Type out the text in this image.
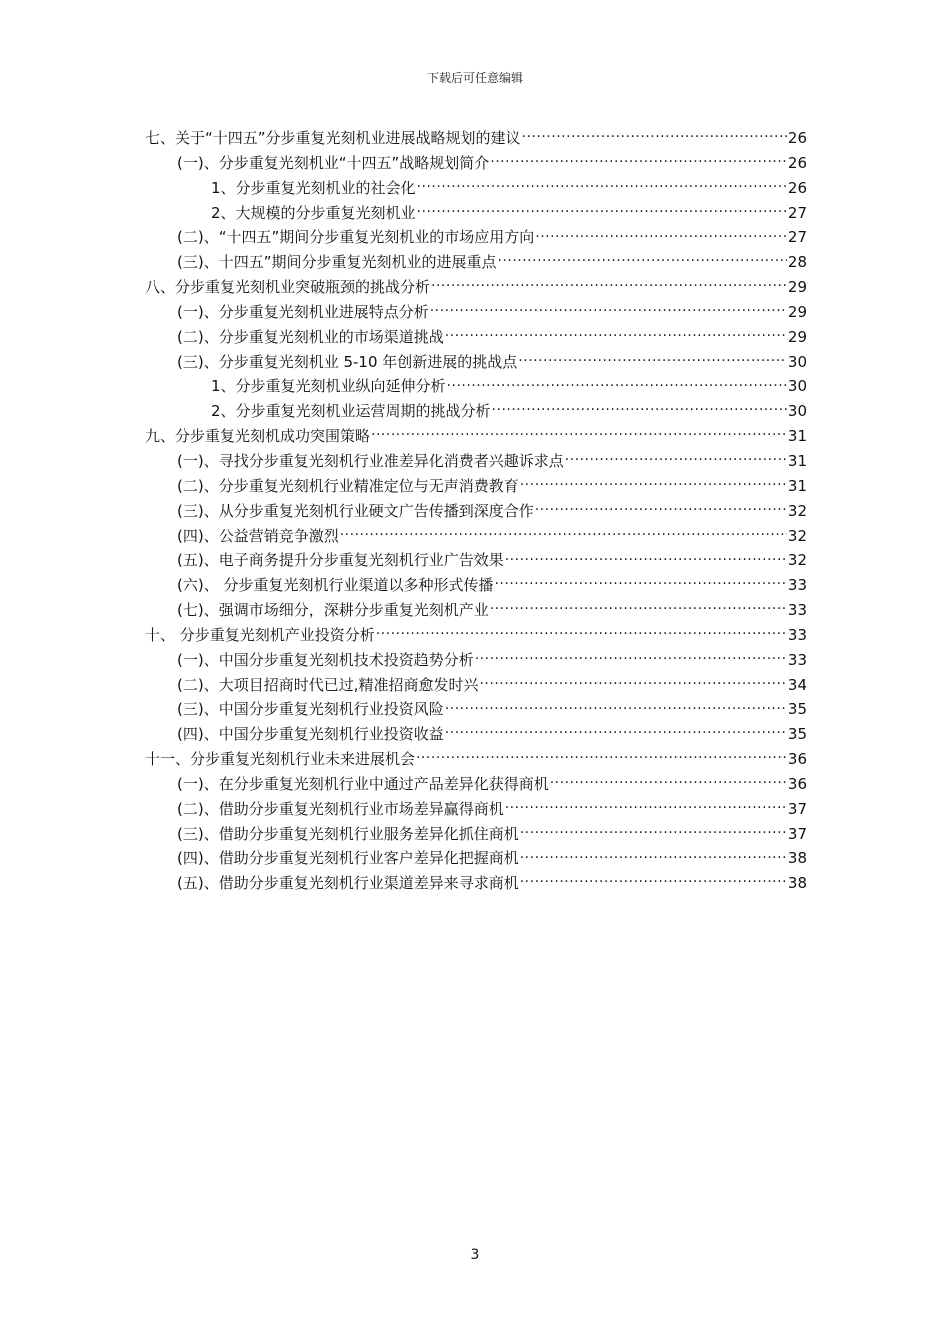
下载后可任意编辑
七、关于“十四五”分步重复光刻机业进展战略规划的建议 .....	26
(一)、分步重复光刻机业“十四五”战略规划简介 .....	26
1、分步重复光刻机业的社会化 .....	26
2、大规模的分步重复光刻机业 .....	27
(二)、“十四五”期间分步重复光刻机业的市场应用方向 .....	27
(三)、十四五”期间分步重复光刻机业的进展重点 .....	28
八、分步重复光刻机业突破瓶颈的挑战分析 .....	29
(一)、分步重复光刻机业进展特点分析 .....	29
(二)、分步重复光刻机业的市场渠道挑战 .....	29
(三)、分步重复光刻机业 5-10 年创新进展的挑战点 .....	30
1、分步重复光刻机业纵向延伸分析 .....	30
2、分步重复光刻机业运营周期的挑战分析 .....	30
九、分步重复光刻机成功突围策略 .....	31
(一)、寻找分步重复光刻机行业准差异化消费者兴趣诉求点 .....	31
(二)、分步重复光刻机行业精准定位与无声消费教育 .....	31
(三)、从分步重复光刻机行业硬文广告传播到深度合作 .....	32
(四)、公益营销竞争激烈 .....	32
(五)、电子商务提升分步重复光刻机行业广告效果 .....	32
(六)、 分步重复光刻机行业渠道以多种形式传播 .....	33
(七)、强调市场细分，深耕分步重复光刻机产业 .....	33
十、 分步重复光刻机产业投资分析 .....	33
(一)、中国分步重复光刻机技术投资趋势分析 .....	33
(二)、大项目招商时代已过,精准招商愈发时兴 .....	34
(三)、中国分步重复光刻机行业投资风险 .....	35
(四)、中国分步重复光刻机行业投资收益 .....	35
十一、分步重复光刻机行业未来进展机会 .....	36
(一)、在分步重复光刻机行业中通过产品差异化获得商机 .....	36
(二)、借助分步重复光刻机行业市场差异赢得商机 .....	37
(三)、借助分步重复光刻机行业服务差异化抓住商机 .....	37
(四)、借助分步重复光刻机行业客户差异化把握商机 .....	38
(五)、借助分步重复光刻机行业渠道差异来寻求商机 .....	38
3
